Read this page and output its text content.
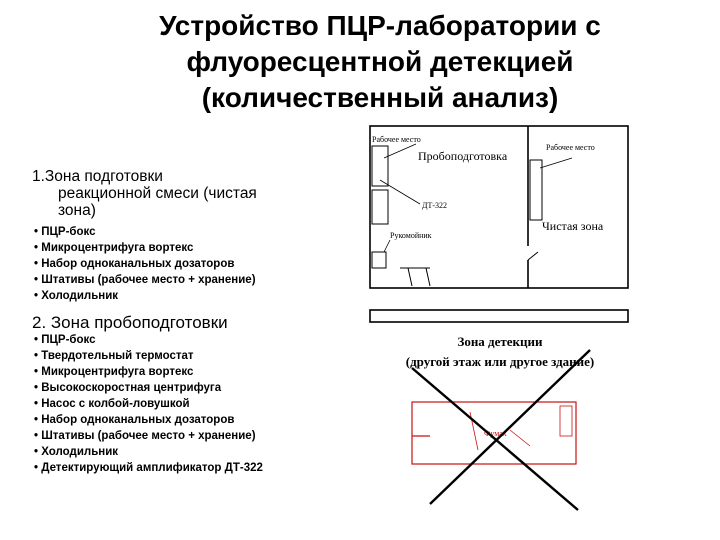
Устройство ПЦР-лаборатории с
флуоресцентной детекцией
(количественный анализ)
1.Зона подготовки
реакционной смеси (чистая
зона)
• ПЦР-бокс
• Микроцентрифуга вортекс
• Набор одноканальных дозаторов
• Штативы (рабочее место + хранение)
• Холодильник
2. Зона пробоподготовки
• ПЦР-бокс
• Твердотельный термостат
• Микроцентрифуга вортекс
• Высокоскоростная центрифуга
• Насос с колбой-ловушкой
• Набор одноканальных дозаторов
• Штативы (рабочее место + хранение)
• Холодильник
• Детектирующий амплификатор ДТ-322
Рабочее место
Рабочее место
Пробоподготовка
ДТ-322
Чистая зона
Рукомойник
Зона детекции
(другой этаж или другое здание)
Фумах
